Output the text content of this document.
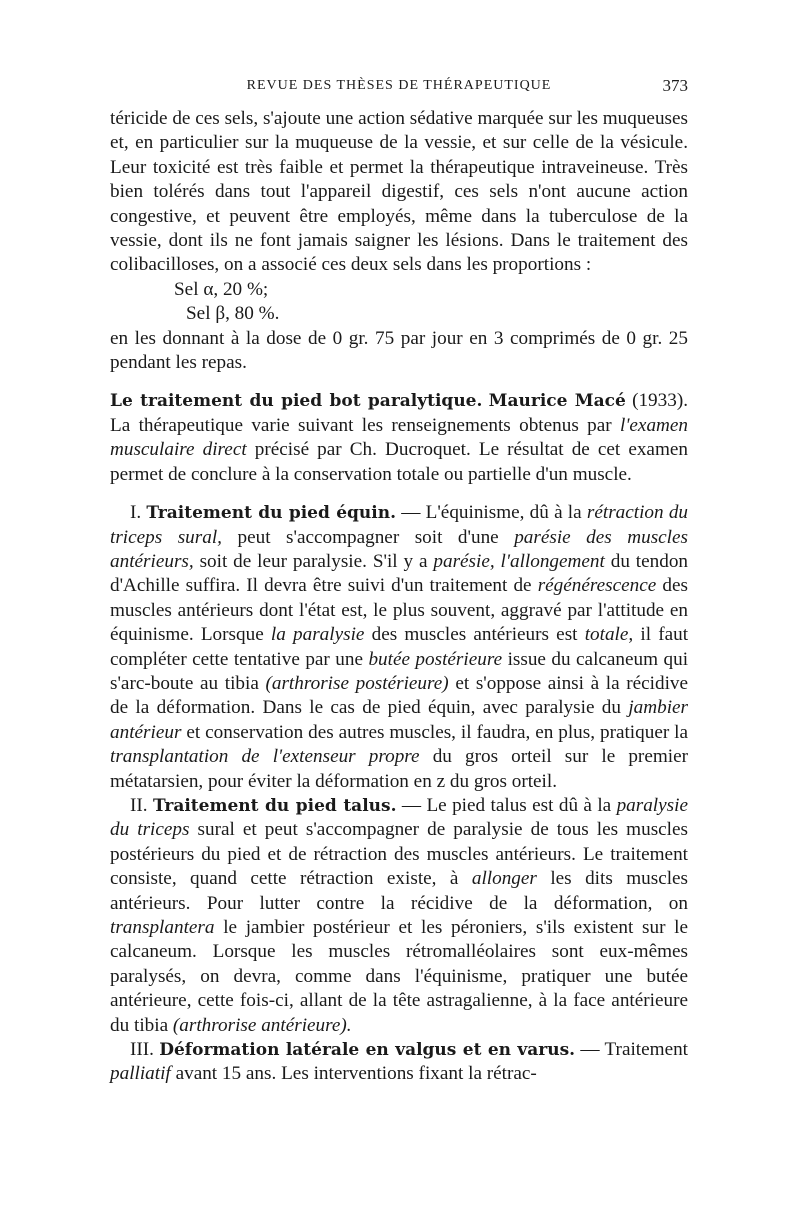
REVUE DES THÈSES DE THÉRAPEUTIQUE	373

téricide de ces sels, s'ajoute une action sédative marquée sur les muqueuses et, en particulier sur la muqueuse de la vessie, et sur celle de la vésicule. Leur toxicité est très faible et permet la thérapeutique intraveineuse. Très bien tolérés dans tout l'appareil digestif, ces sels n'ont aucune action congestive, et peuvent être employés, même dans la tuberculose de la vessie, dont ils ne font jamais saigner les lésions. Dans le traitement des colibacilloses, on a associé ces deux sels dans les proportions :

Sel α, 20 %;

Sel β, 80 %.

en les donnant à la dose de 0 gr. 75 par jour en 3 comprimés de 0 gr. 25 pendant les repas.

Le traitement du pied bot paralytique. Maurice Macé (1933). La thérapeutique varie suivant les renseignements obtenus par l'examen musculaire direct précisé par Ch. Ducroquet. Le résultat de cet examen permet de conclure à la conservation totale ou partielle d'un muscle.

I. Traitement du pied équin. — L'équinisme, dû à la rétraction du triceps sural, peut s'accompagner soit d'une parésie des muscles antérieurs, soit de leur paralysie. S'il y a parésie, l'allongement du tendon d'Achille suffira. Il devra être suivi d'un traitement de régénérescence des muscles antérieurs dont l'état est, le plus souvent, aggravé par l'attitude en équinisme. Lorsque la paralysie des muscles antérieurs est totale, il faut compléter cette tentative par une butée postérieure issue du calcaneum qui s'arc-boute au tibia (arthrorise postérieure) et s'oppose ainsi à la récidive de la déformation. Dans le cas de pied équin, avec paralysie du jambier antérieur et conservation des autres muscles, il faudra, en plus, pratiquer la transplantation de l'extenseur propre du gros orteil sur le premier métatarsien, pour éviter la déformation en z du gros orteil.

II. Traitement du pied talus. — Le pied talus est dû à la paralysie du triceps sural et peut s'accompagner de paralysie de tous les muscles postérieurs du pied et de rétraction des muscles antérieurs. Le traitement consiste, quand cette rétraction existe, à allonger les dits muscles antérieurs. Pour lutter contre la récidive de la déformation, on transplantera le jambier postérieur et les péroniers, s'ils existent sur le calcaneum. Lorsque les muscles rétromalléolaires sont eux-mêmes paralysés, on devra, comme dans l'équinisme, pratiquer une butée antérieure, cette fois-ci, allant de la tête astragalienne, à la face antérieure du tibia (arthrorise antérieure).

III. Déformation latérale en valgus et en varus. — Traitement palliatif avant 15 ans. Les interventions fixant la rétrac-
